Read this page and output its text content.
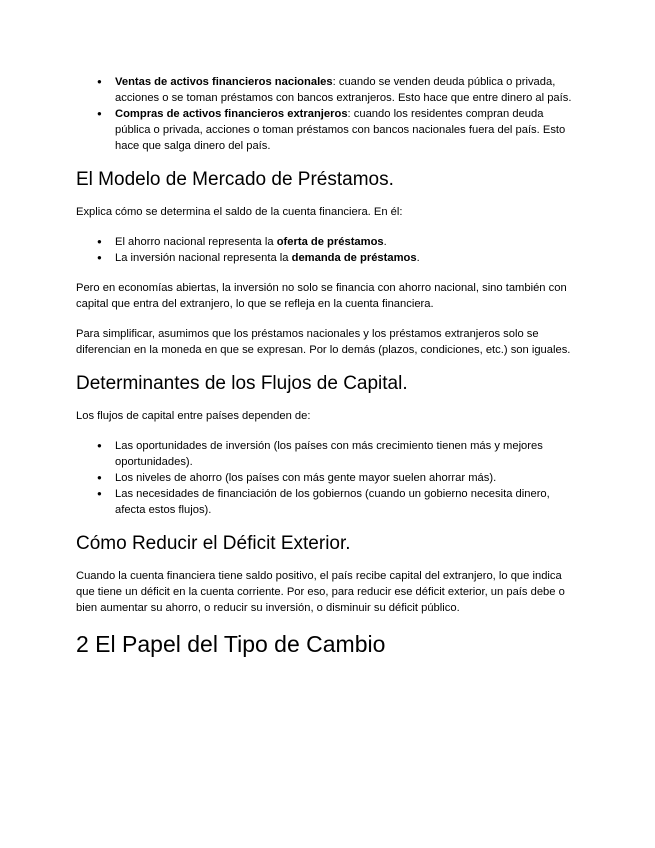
● Ventas de activos financieros nacionales: cuando se venden deuda pública o privada, acciones o se toman préstamos con bancos extranjeros. Esto hace que entre dinero al país.
● Compras de activos financieros extranjeros: cuando los residentes compran deuda pública o privada, acciones o toman préstamos con bancos nacionales fuera del país. Esto hace que salga dinero del país.
El Modelo de Mercado de Préstamos.

Explica cómo se determina el saldo de la cuenta financiera. En él:

● El ahorro nacional representa la oferta de préstamos.
● La inversión nacional representa la demanda de préstamos.

Pero en economías abiertas, la inversión no solo se financia con ahorro nacional, sino también con capital que entra del extranjero, lo que se refleja en la cuenta financiera.

Para simplificar, asumimos que los préstamos nacionales y los préstamos extranjeros solo se diferencian en la moneda en que se expresan. Por lo demás (plazos, condiciones, etc.) son iguales.

Determinantes de los Flujos de Capital.

Los flujos de capital entre países dependen de:

● Las oportunidades de inversión (los países con más crecimiento tienen más y mejores oportunidades).
● Los niveles de ahorro (los países con más gente mayor suelen ahorrar más).
● Las necesidades de financiación de los gobiernos (cuando un gobierno necesita dinero, afecta estos flujos).
Cómo Reducir el Déficit Exterior.

Cuando la cuenta financiera tiene saldo positivo, el país recibe capital del extranjero, lo que indica que tiene un déficit en la cuenta corriente. Por eso, para reducir ese déficit exterior, un país debe o bien aumentar su ahorro, o reducir su inversión, o disminuir su déficit público.

2 El Papel del Tipo de Cambio
